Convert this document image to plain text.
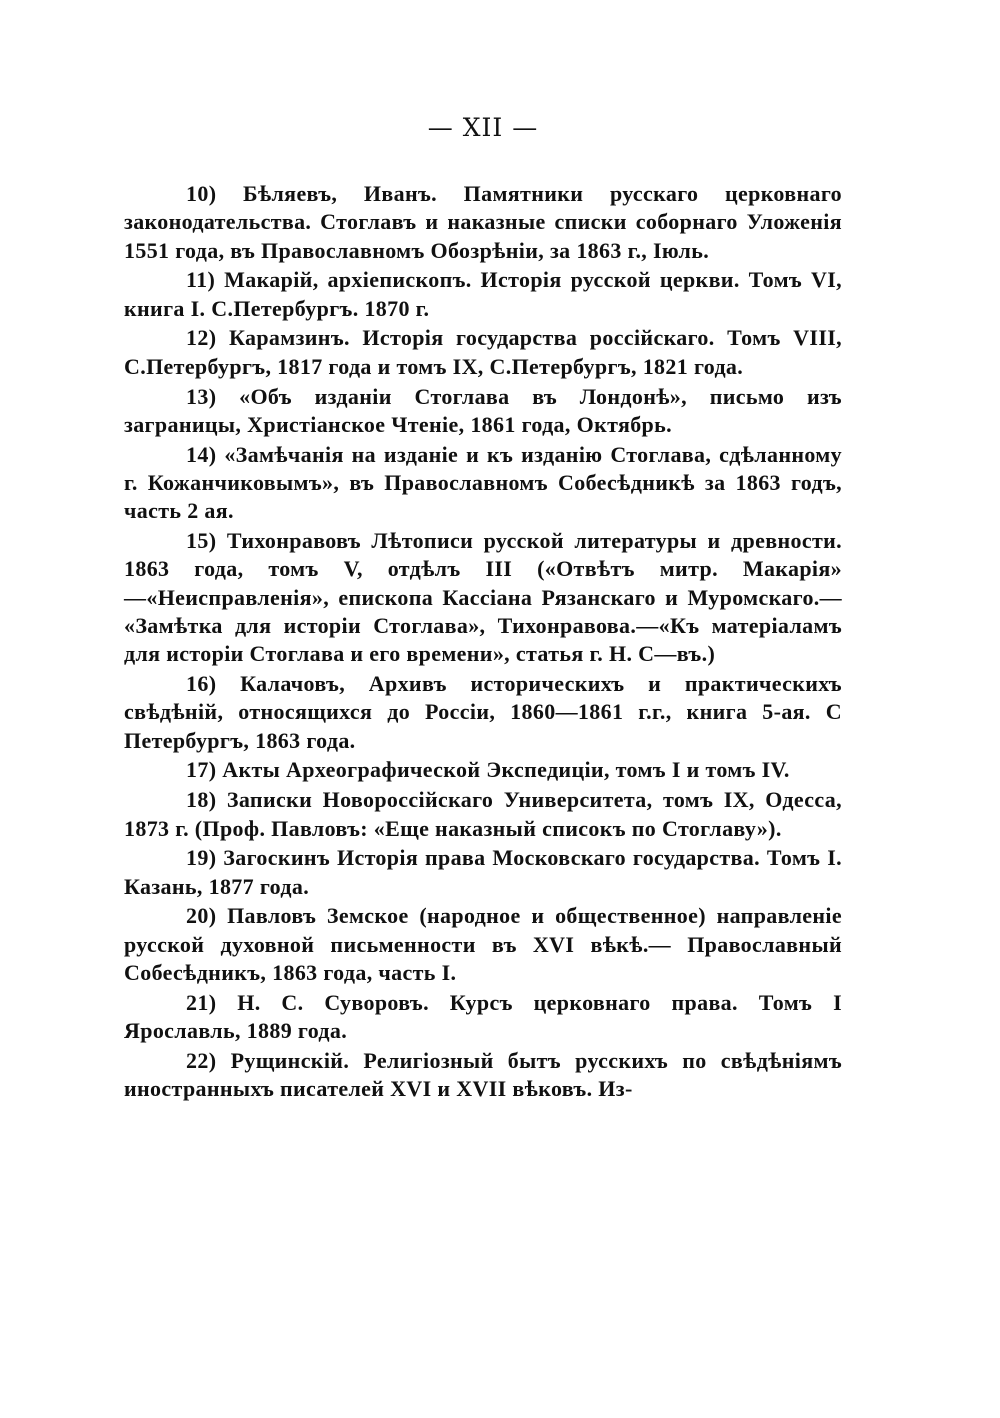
— XII —
10) Бѣляевъ, Иванъ. Памятники русскаго церковнаго законодательства. Стоглавъ и наказные списки соборнаго Уложенія 1551 года, въ Православномъ Обозрѣніи, за 1863 г., Іюль.
11) Макарій, архіепископъ. Исторія русской церкви. Томъ VI, книга I. С.Петербургъ. 1870 г.
12) Карамзинъ. Исторія государства россійскаго. Томъ VIII, С.Петербургъ, 1817 года и томъ IX, С.Петербургъ, 1821 года.
13) «Объ изданіи Стоглава въ Лондонѣ», письмо изъ заграницы, Христіанское Чтеніе, 1861 года, Октябрь.
14) «Замѣчанія на изданіе и къ изданію Стоглава, сдѣланному г. Кожанчиковымъ», въ Православномъ Собесѣдникѣ за 1863 годъ, часть 2 ая.
15) Тихонравовъ Лѣтописи русской литературы и древности. 1863 года, томъ V, отдѣлъ III («Отвѣтъ митр. Макарія» —«Неисправленія», епископа Кассіана Рязанскаго и Муромскаго.— «Замѣтка для исторіи Стоглава», Тихонравова.—«Къ матеріаламъ для исторіи Стоглава и его времени», статья г. Н. С—въ.)
16) Калачовъ, Архивъ историческихъ и практическихъ свѣдѣній, относящихся до Россіи, 1860—1861 г.г., книга 5-ая. С Петербургъ, 1863 года.
17) Акты Археографической Экспедиціи, томъ I и томъ IV.
18) Записки Новороссійскаго Университета, томъ IX, Одесса, 1873 г. (Проф. Павловъ: «Еще наказный списокъ по Стоглаву»).
19) Загоскинъ Исторія права Московскаго государства. Томъ I. Казань, 1877 года.
20) Павловъ Земское (народное и общественное) направленіе русской духовной письменности въ XVI вѣкѣ.— Православный Собесѣдникъ, 1863 года, часть I.
21) Н. С. Суворовъ. Курсъ церковнаго права. Томъ I Ярославль, 1889 года.
22) Рущинскій. Религіозный бытъ русскихъ по свѣдѣніямъ иностранныхъ писателей XVI и XVII вѣковъ. Из-
